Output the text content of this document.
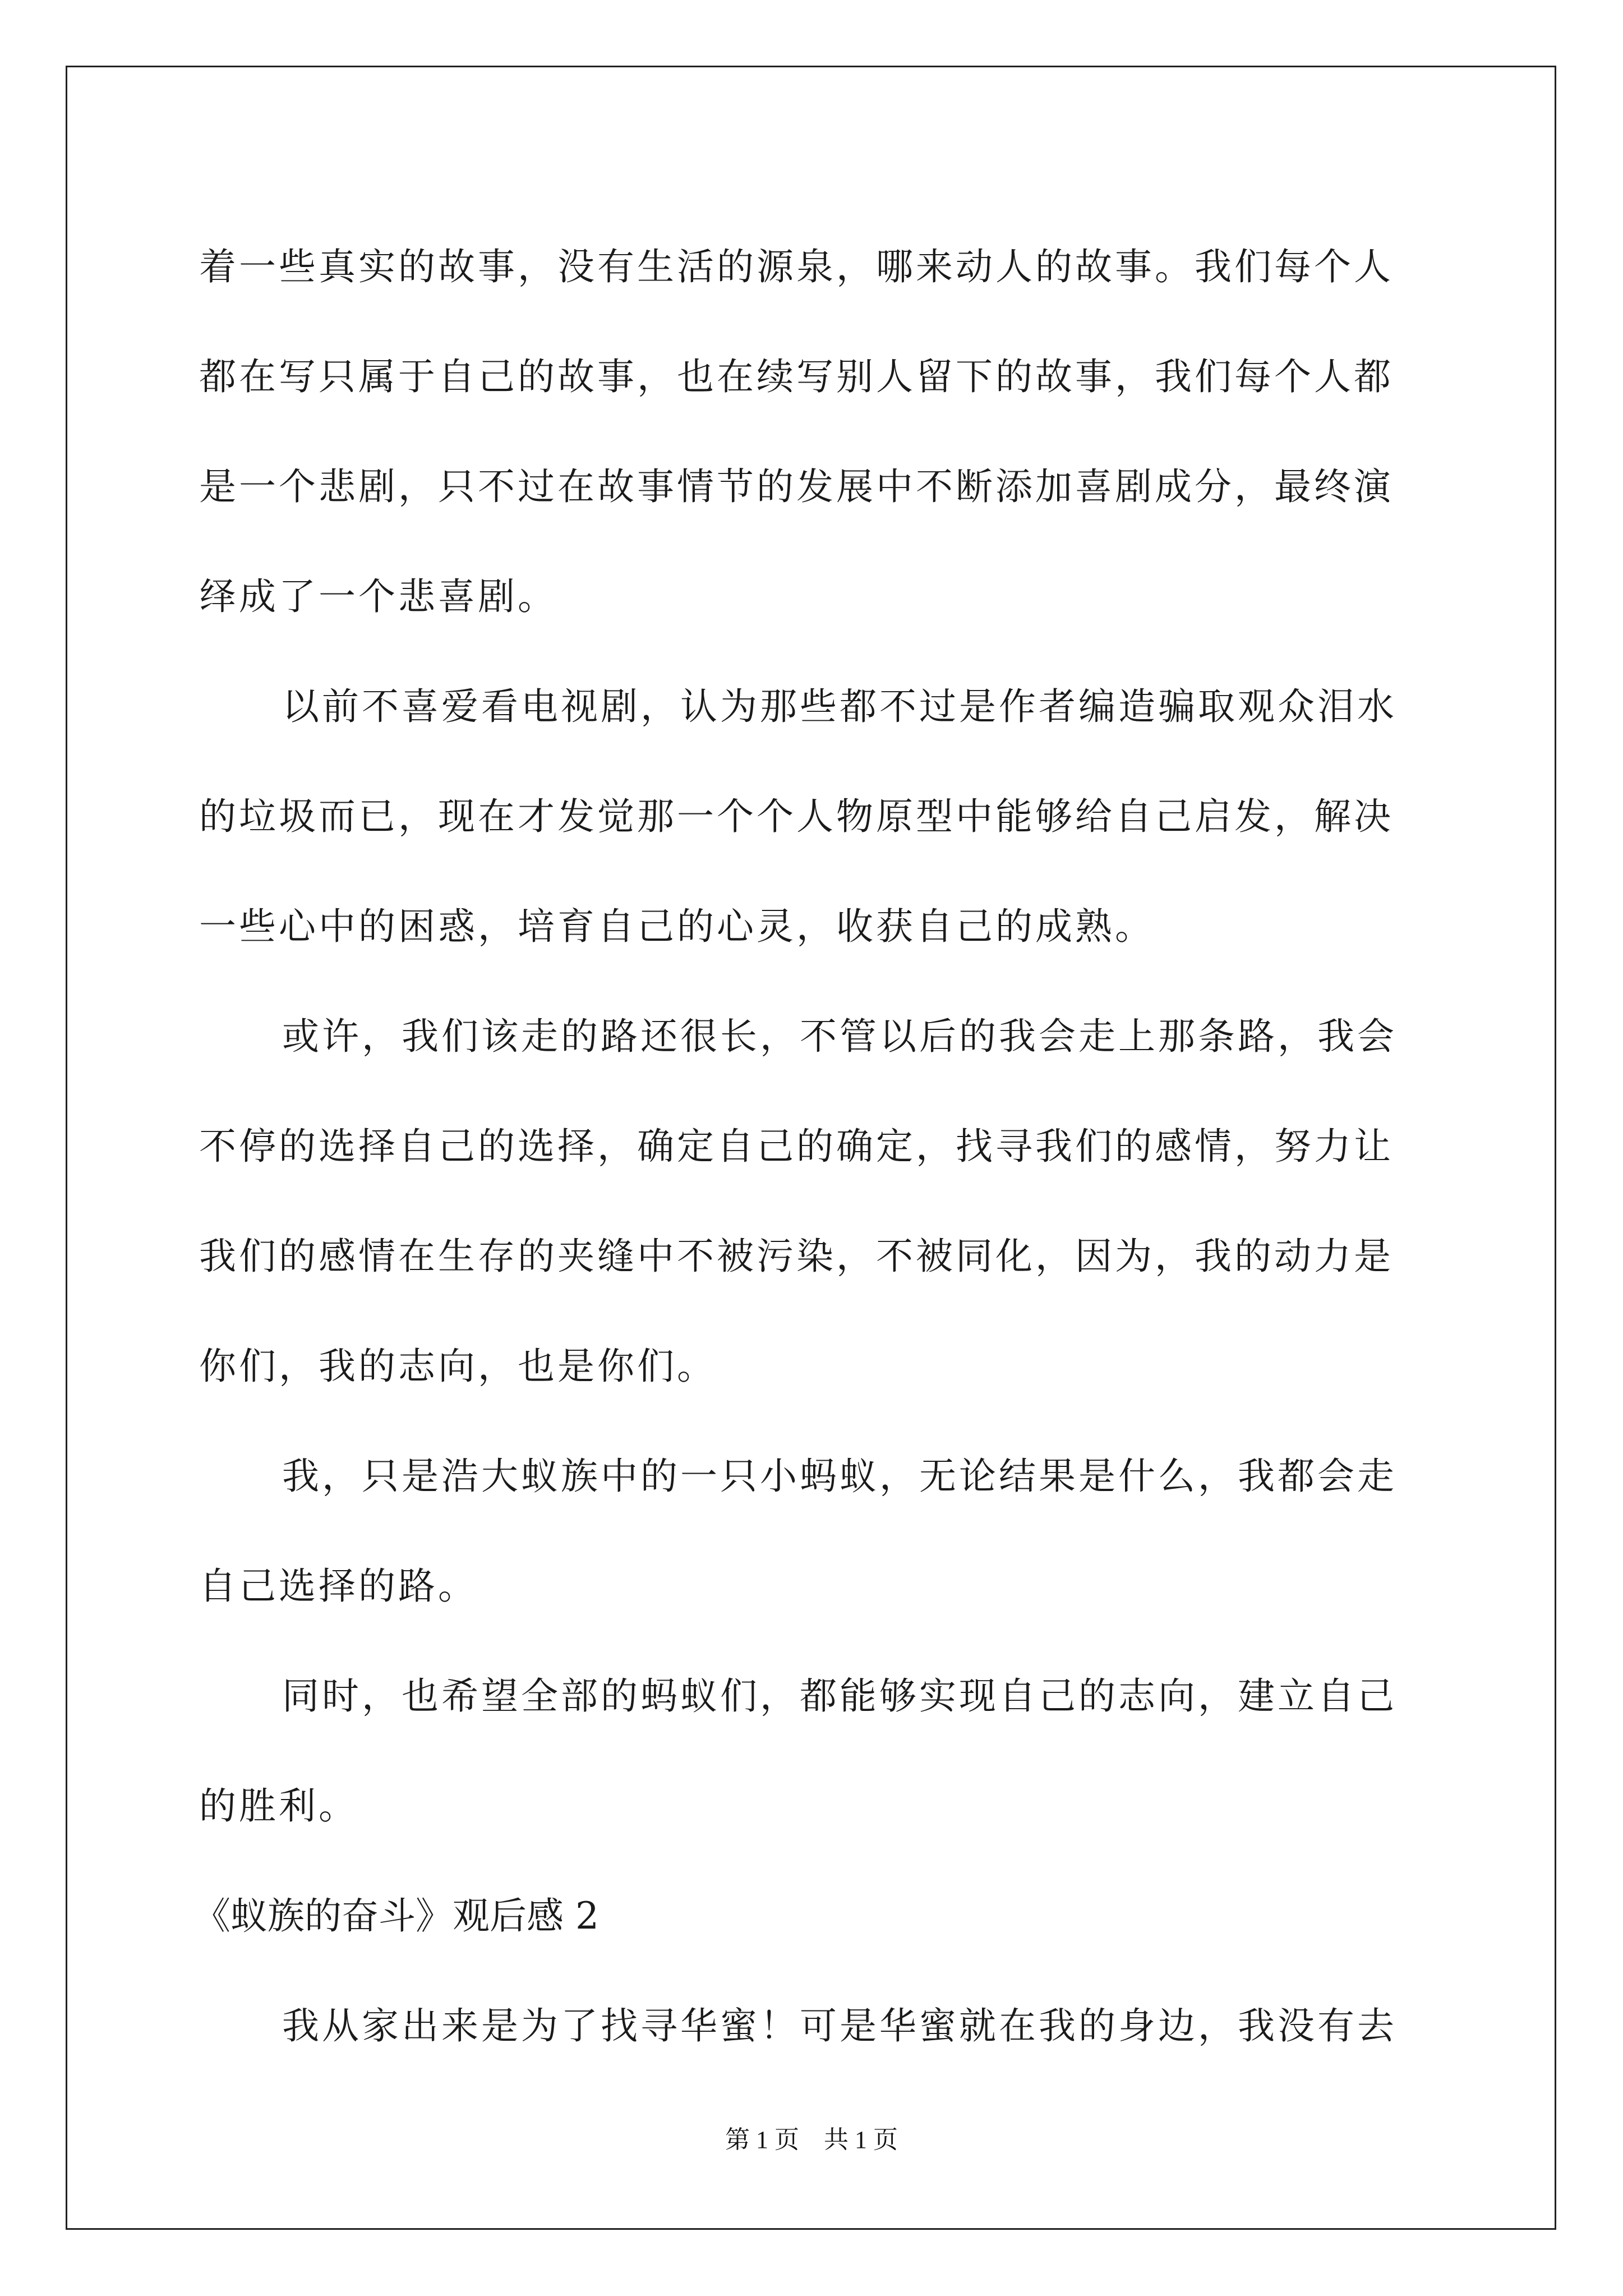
着一些真实的故事，没有生活的源泉，哪来动人的故事。我们每个人
都在写只属于自己的故事，也在续写别人留下的故事，我们每个人都
是一个悲剧，只不过在故事情节的发展中不断添加喜剧成分，最终演
绎成了一个悲喜剧。
以前不喜爱看电视剧，认为那些都不过是作者编造骗取观众泪水
的垃圾而已，现在才发觉那一个个人物原型中能够给自己启发，解决
一些心中的困惑，培育自己的心灵，收获自己的成熟。
或许，我们该走的路还很长，不管以后的我会走上那条路，我会
不停的选择自己的选择，确定自己的确定，找寻我们的感情，努力让
我们的感情在生存的夹缝中不被污染，不被同化，因为，我的动力是
你们，我的志向，也是你们。
我，只是浩大蚁族中的一只小蚂蚁，无论结果是什么，我都会走
自己选择的路。
同时，也希望全部的蚂蚁们，都能够实现自己的志向，建立自己
的胜利。
《蚁族的奋斗》观后感 2
我从家出来是为了找寻华蜜！可是华蜜就在我的身边，我没有去
第 1 页　共 1 页
